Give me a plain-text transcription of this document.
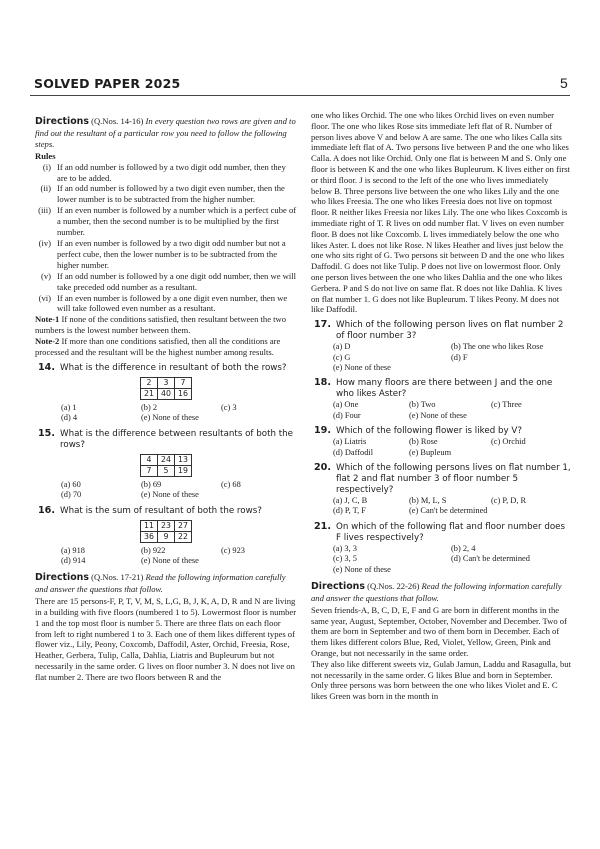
SOLVED PAPER 2025	5

Directions (Q.Nos. 14-16) In every question two rows are given and to find out the resultant of a particular row you need to follow the following steps.

Rules
(i) If an odd number is followed by a two digit odd number, then they are to be added.
(ii) If an odd number is followed by a two digit even number, then the lower number is to be subtracted from the higher number.
(iii) If an even number is followed by a number which is a perfect cube of a number, then the second number is to be multiplied by the first number.
(iv) If an even number is followed by a two digit odd number but not a perfect cube, then the lower number is to be subtracted from the higher number.
(v) If an odd number is followed by a one digit odd number, then we will take preceded odd number as a resultant.
(vi) If an even number is followed by a one digit even number, then we will take followed even number as a resultant.

Note-1 If none of the conditions satisfied, then resultant between the two numbers is the lowest number between them.

Note-2 If more than one conditions satisfied, then all the conditions are processed and the resultant will be the highest number among results.

14. What is the difference in resultant of both the rows?
2	3	7
21	40	16
(a) 1	(b) 2	(c) 3
(d) 4	(e) None of these
15. What is the difference between resultants of both the rows?
4	24	13
7	5	19
(a) 60	(b) 69	(c) 68
(d) 70	(e) None of these
16. What is the sum of resultant of both the rows?
11	23	27
36	9	22
(a) 918	(b) 922	(c) 923
(d) 914	(e) None of these

Directions (Q.Nos. 17-21) Read the following information carefully and answer the questions that follow.

There are 15 persons-F, P, T, V, M, S, L,G, B, J, K, A, D, R and N are living in a building with five floors (numbered 1 to 5). Lowermost floor is number 1 and the top most floor is number 5. There are three flats on each floor from left to right numbered 1 to 3. Each one of them likes different types of flower viz., Lily, Peony, Coxcomb, Daffodil, Aster, Orchid, Freesia, Rose, Heather, Gerbera, Tulip, Calla, Dahlia, Liatris and Bupleurum but not necessarily in the same order. G lives on floor number 3. N does not live on flat number 2. There are two floors between R and the

one who likes Orchid. The one who likes Orchid lives on even number floor. The one who likes Rose sits immediate left flat of R. Number of person lives above V and below A are same. The one who likes Calla sits immediate left flat of A. Two persons live between P and the one who likes Calla. A does not like Orchid. Only one flat is between M and S. Only one floor is between K and the one who likes Bupleurum. K lives either on first or third floor. J is second to the left of the one who lives immediately below B. Three persons live between the one who likes Lily and the one who likes Freesia. The one who likes Freesia does not live on topmost floor. R neither likes Freesia nor likes Lily. The one who likes Coxcomb is immediate right of T. R lives on odd number flat. V lives on even number floor. B does not like Coxcomb. L lives immediately below the one who likes Aster. L does not like Rose. N likes Heather and lives just below the one who sits right of G. Two persons sit between D and the one who likes Daffodil. G does not like Tulip. P does not live on lowermost floor. Only one person lives between the one who likes Dahlia and the one who likes Gerbera. P and S do not live on same flat. R does not like Dahlia. K lives on flat number 1. G does not like Bupleurum. T likes Peony. M does not like Daffodil.

17. Which of the following person lives on flat number 2 of floor number 3?
(a) D	(b) The one who likes Rose
(c) G	(d) F
(e) None of these
18. How many floors are there between J and the one who likes Aster?
(a) One	(b) Two	(c) Three
(d) Four	(e) None of these
19. Which of the following flower is liked by V?
(a) Liatris	(b) Rose	(c) Orchid
(d) Daffodil	(e) Bupleum
20. Which of the following persons lives on flat number 1, flat 2 and flat number 3 of floor number 5 respectively?
(a) J, C, B	(b) M, L, S	(c) P, D, R
(d) P, T, F	(e) Can't be determined
21. On which of the following flat and floor number does F lives respectively?
(a) 3, 3	(b) 2, 4
(c) 3, 5	(d) Can't be determined
(e) None of these

Directions (Q.Nos. 22-26) Read the following information carefully and answer the questions that follow.

Seven friends-A, B, C, D, E, F and G are born in different months in the same year, August, September, October, November and December. Two of them are born in September and two of them born in December. Each of them likes different colors Blue, Red, Violet, Yellow, Green, Pink and Orange, but not necessarily in the same order.

They also like different sweets viz, Gulab Jamun, Laddu and Rasagulla, but not necessarily in the same order. G likes Blue and born in September. Only three persons was born between the one who likes Violet and E. C likes Green was born in the month in
